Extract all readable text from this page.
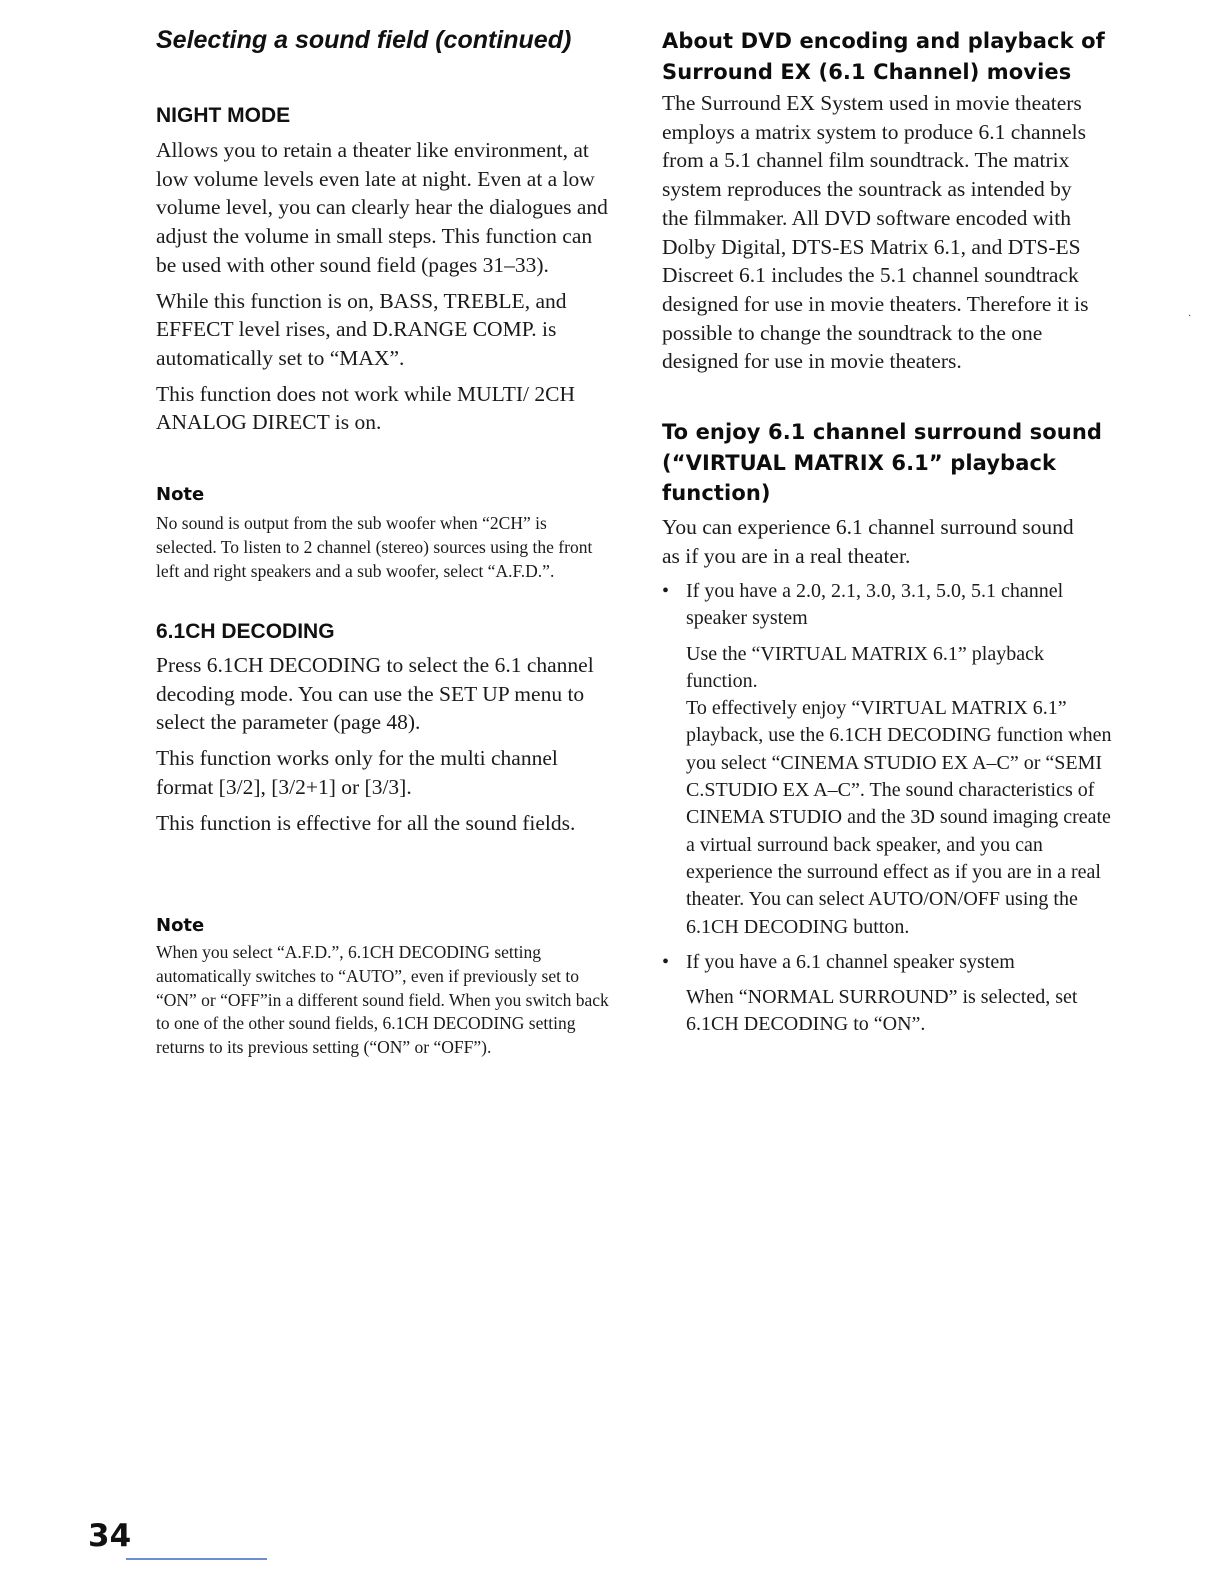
Selecting a sound field (continued)
NIGHT MODE

Allows you to retain a theater like environment, at low volume levels even late at night. Even at a low volume level, you can clearly hear the dialogues and adjust the volume in small steps. This function can be used with other sound field (pages 31–33).

While this function is on, BASS, TREBLE, and EFFECT level rises, and D.RANGE COMP. is automatically set to “MAX”.

This function does not work while MULTI/ 2CH ANALOG DIRECT is on.

Note

No sound is output from the sub woofer when “2CH” is selected. To listen to 2 channel (stereo) sources using the front left and right speakers and a sub woofer, select “A.F.D.”.

6.1CH DECODING

Press 6.1CH DECODING to select the 6.1 channel decoding mode. You can use the SET UP menu to select the parameter (page 48).

This function works only for the multi channel format [3/2], [3/2+1] or [3/3].

This function is effective for all the sound fields.

Note

When you select “A.F.D.”, 6.1CH DECODING setting automatically switches to “AUTO”, even if previously set to “ON” or “OFF”in a different sound field. When you switch back to one of the other sound fields, 6.1CH DECODING setting returns to its previous setting (“ON” or “OFF”).

About DVD encoding and playback of Surround EX (6.1 Channel) movies

The Surround EX System used in movie theaters employs a matrix system to produce 6.1 channels from a 5.1 channel film soundtrack. The matrix system reproduces the sountrack as intended by the filmmaker. All DVD software encoded with Dolby Digital, DTS-ES Matrix 6.1, and DTS-ES Discreet 6.1 includes the 5.1 channel soundtrack designed for use in movie theaters. Therefore it is possible to change the soundtrack to the one designed for use in movie theaters.

To enjoy 6.1 channel surround sound (“VIRTUAL MATRIX 6.1” playback function)

You can experience 6.1 channel surround sound as if you are in a real theater.

• If you have a 2.0, 2.1, 3.0, 3.1, 5.0, 5.1 channel speaker system

Use the “VIRTUAL MATRIX 6.1” playback function.

To effectively enjoy “VIRTUAL MATRIX 6.1” playback, use the 6.1CH DECODING function when you select “CINEMA STUDIO EX A–C” or “SEMI C.STUDIO EX A–C”. The sound characteristics of CINEMA STUDIO and the 3D sound imaging create a virtual surround back speaker, and you can experience the surround effect as if you are in a real theater. You can select AUTO/ON/OFF using the 6.1CH DECODING button.

• If you have a 6.1 channel speaker system

When “NORMAL SURROUND” is selected, set 6.1CH DECODING to “ON”.

·

34
